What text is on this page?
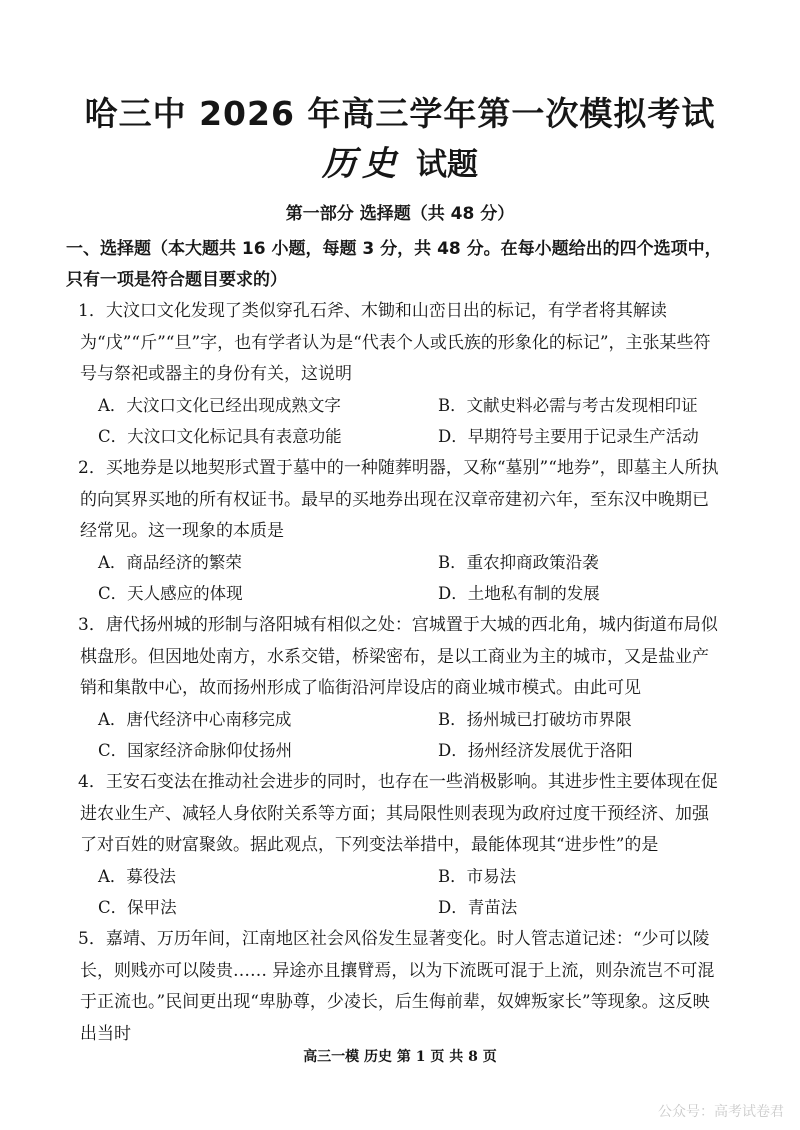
哈三中 2026 年高三学年第一次模拟考试
历史 试题
第一部分 选择题（共 48 分）
一、选择题（本大题共 16 小题，每题 3 分，共 48 分。在每小题给出的四个选项中，只有一项是符合题目要求的）
1．大汶口文化发现了类似穿孔石斧、木锄和山峦日出的标记，有学者将其解读为“戊”“斤”“旦”字，也有学者认为是“代表个人或氏族的形象化的标记”，主张某些符号与祭祀或器主的身份有关，这说明
A．大汶口文化已经出现成熟文字	B．文献史料必需与考古发现相印证
C．大汶口文化标记具有表意功能	D．早期符号主要用于记录生产活动
2．买地券是以地契形式置于墓中的一种随葬明器，又称“墓别”“地券”，即墓主人所执的向冥界买地的所有权证书。最早的买地券出现在汉章帝建初六年，至东汉中晚期已经常见。这一现象的本质是
A．商品经济的繁荣	B．重农抑商政策沿袭
C．天人感应的体现	D．土地私有制的发展
3．唐代扬州城的形制与洛阳城有相似之处：宫城置于大城的西北角，城内街道布局似棋盘形。但因地处南方，水系交错，桥梁密布，是以工商业为主的城市，又是盐业产销和集散中心，故而扬州形成了临街沿河岸设店的商业城市模式。由此可见
A．唐代经济中心南移完成	B．扬州城已打破坊市界限
C．国家经济命脉仰仗扬州	D．扬州经济发展优于洛阳
4．王安石变法在推动社会进步的同时，也存在一些消极影响。其进步性主要体现在促进农业生产、减轻人身依附关系等方面；其局限性则表现为政府过度干预经济、加强了对百姓的财富聚敛。据此观点，下列变法举措中，最能体现其“进步性”的是
A．募役法	B．市易法
C．保甲法	D．青苗法
5．嘉靖、万历年间，江南地区社会风俗发生显著变化。时人管志道记述：“少可以陵长，则贱亦可以陵贵…… 异途亦且攘臂焉，以为下流既可混于上流，则杂流岂不可混于正流也。”民间更出现“卑胁尊，少凌长，后生侮前辈，奴婢叛家长”等现象。这反映出当时
高三一模 历史 第 1 页 共 8 页
公众号：高考试卷君
